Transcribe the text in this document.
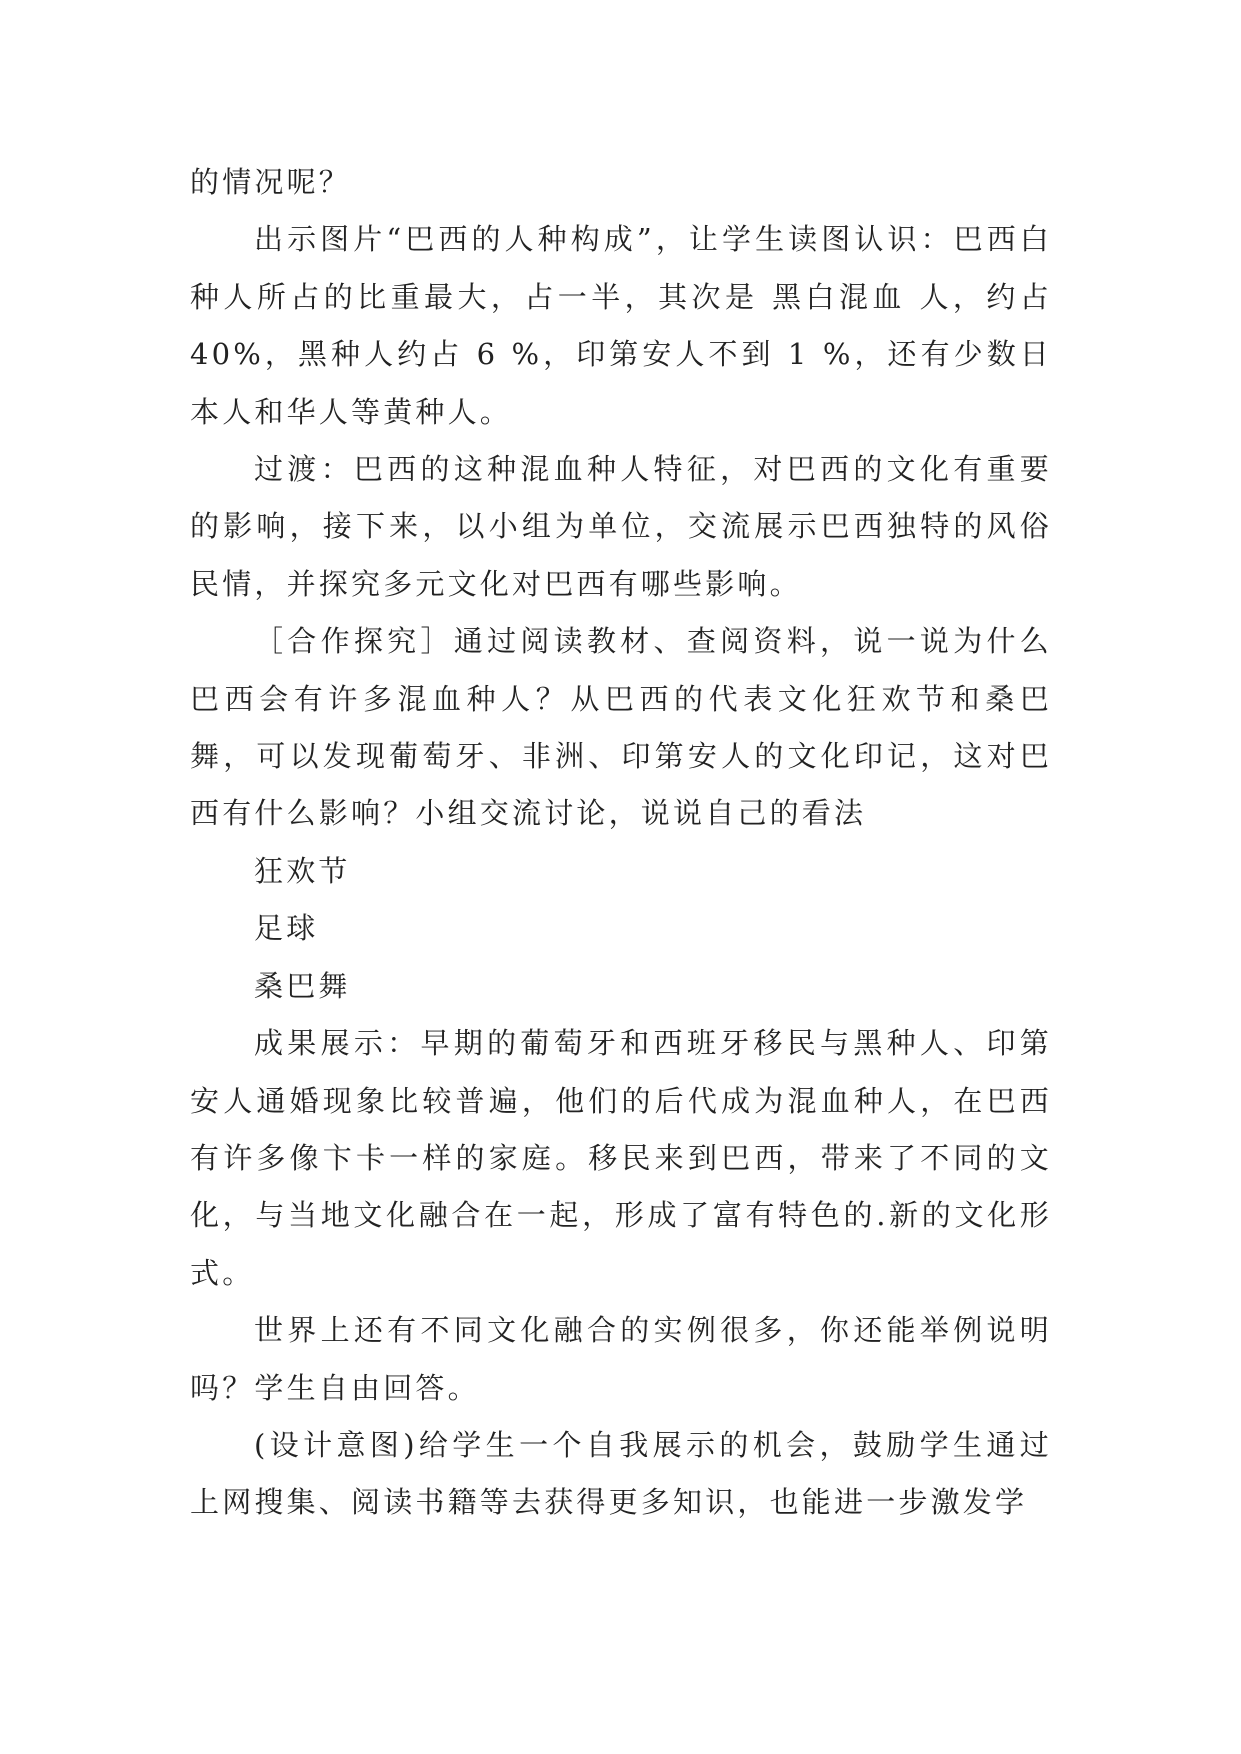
的情况呢？

出示图片“巴西的人种构成”，让学生读图认识：巴西白 种人所占的比重最大，占一半，其次是 黑白混血 人，约占40%，黑种人约占 6 %，印第安人不到 1 %，还有少数日本人和华人等黄种人。

过渡：巴西的这种混血种人特征，对巴西的文化有重要的影响，接下来，以小组为单位，交流展示巴西独特的风俗民情，并探究多元文化对巴西有哪些影响。

［合作探究］通过阅读教材、查阅资料，说一说为什么巴西会有许多混血种人？从巴西的代表文化狂欢节和桑巴舞，可以发现葡萄牙、非洲、印第安人的文化印记，这对巴西有什么影响？小组交流讨论，说说自己的看法

狂欢节

足球

桑巴舞

成果展示：早期的葡萄牙和西班牙移民与黑种人、印第安人通婚现象比较普遍，他们的后代成为混血种人，在巴西有许多像卞卡一样的家庭。移民来到巴西，带来了不同的文化，与当地文化融合在一起，形成了富有特色的.新的文化形式。

世界上还有不同文化融合的实例很多，你还能举例说明吗？学生自由回答。

(设计意图)给学生一个自我展示的机会，鼓励学生通过上网搜集、阅读书籍等去获得更多知识，也能进一步激发学
